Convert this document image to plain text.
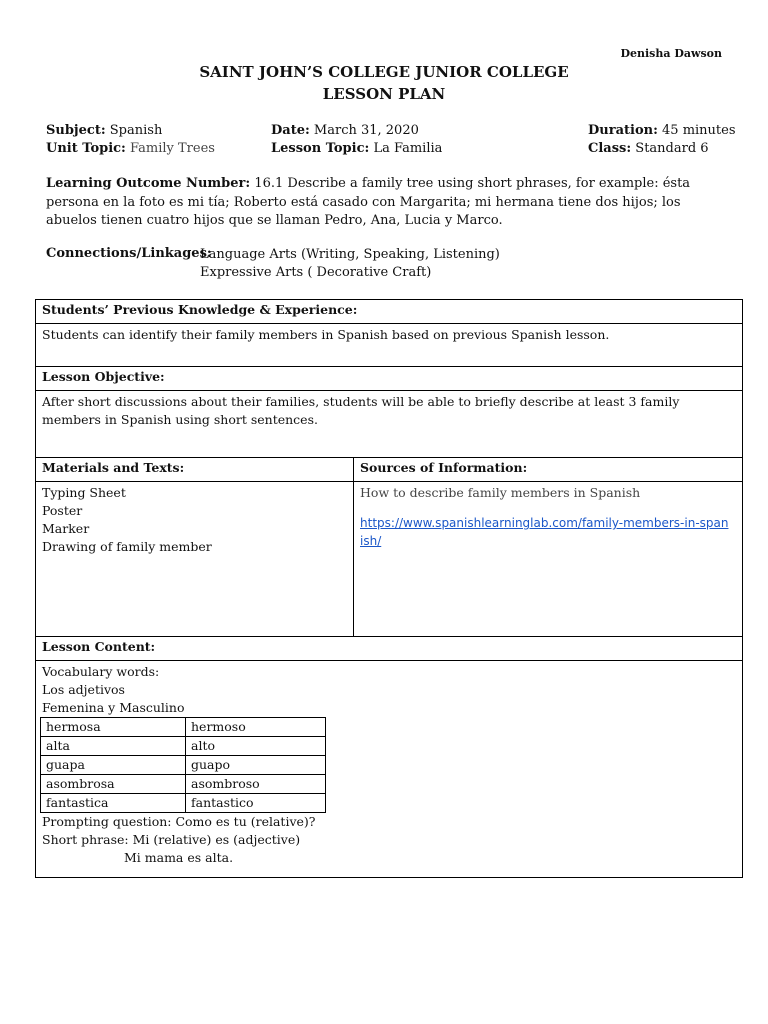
Denisha Dawson
SAINT JOHN’S COLLEGE JUNIOR COLLEGE
LESSON PLAN
Subject: Spanish	Date: March 31, 2020	Duration: 45 minutes
Unit Topic: Family Trees	Lesson Topic: La Familia	Class: Standard 6
Learning Outcome Number: 16.1 Describe a family tree using short phrases, for example: ésta persona en la foto es mi tía; Roberto está casado con Margarita; mi hermana tiene dos hijos; los abuelos tienen cuatro hijos que se llaman Pedro, Ana, Lucia y Marco.
Connections/Linkages:
Language Arts (Writing, Speaking, Listening)
Expressive Arts ( Decorative Craft)
Students’ Previous Knowledge & Experience:
Students can identify their family members in Spanish based on previous Spanish lesson.
Lesson Objective:
After short discussions about their families, students will be able to briefly describe at least 3 family members in Spanish using short sentences.
Materials and Texts:	Sources of Information:

Typing Sheet
Poster
Marker
Drawing of family member

How to describe family members in Spanish
https://www.spanishlearninglab.com/family-members-in-spanish/

Lesson Content:

Vocabulary words:
Los adjetivos
Femenina y Masculino
hermosa	hermoso
alta	alto
guapa	guapo
asombrosa	asombroso
fantastica	fantastico
Prompting question: Como es tu (relative)?
Short phrase: Mi (relative) es (adjective)
Mi mama es alta.
